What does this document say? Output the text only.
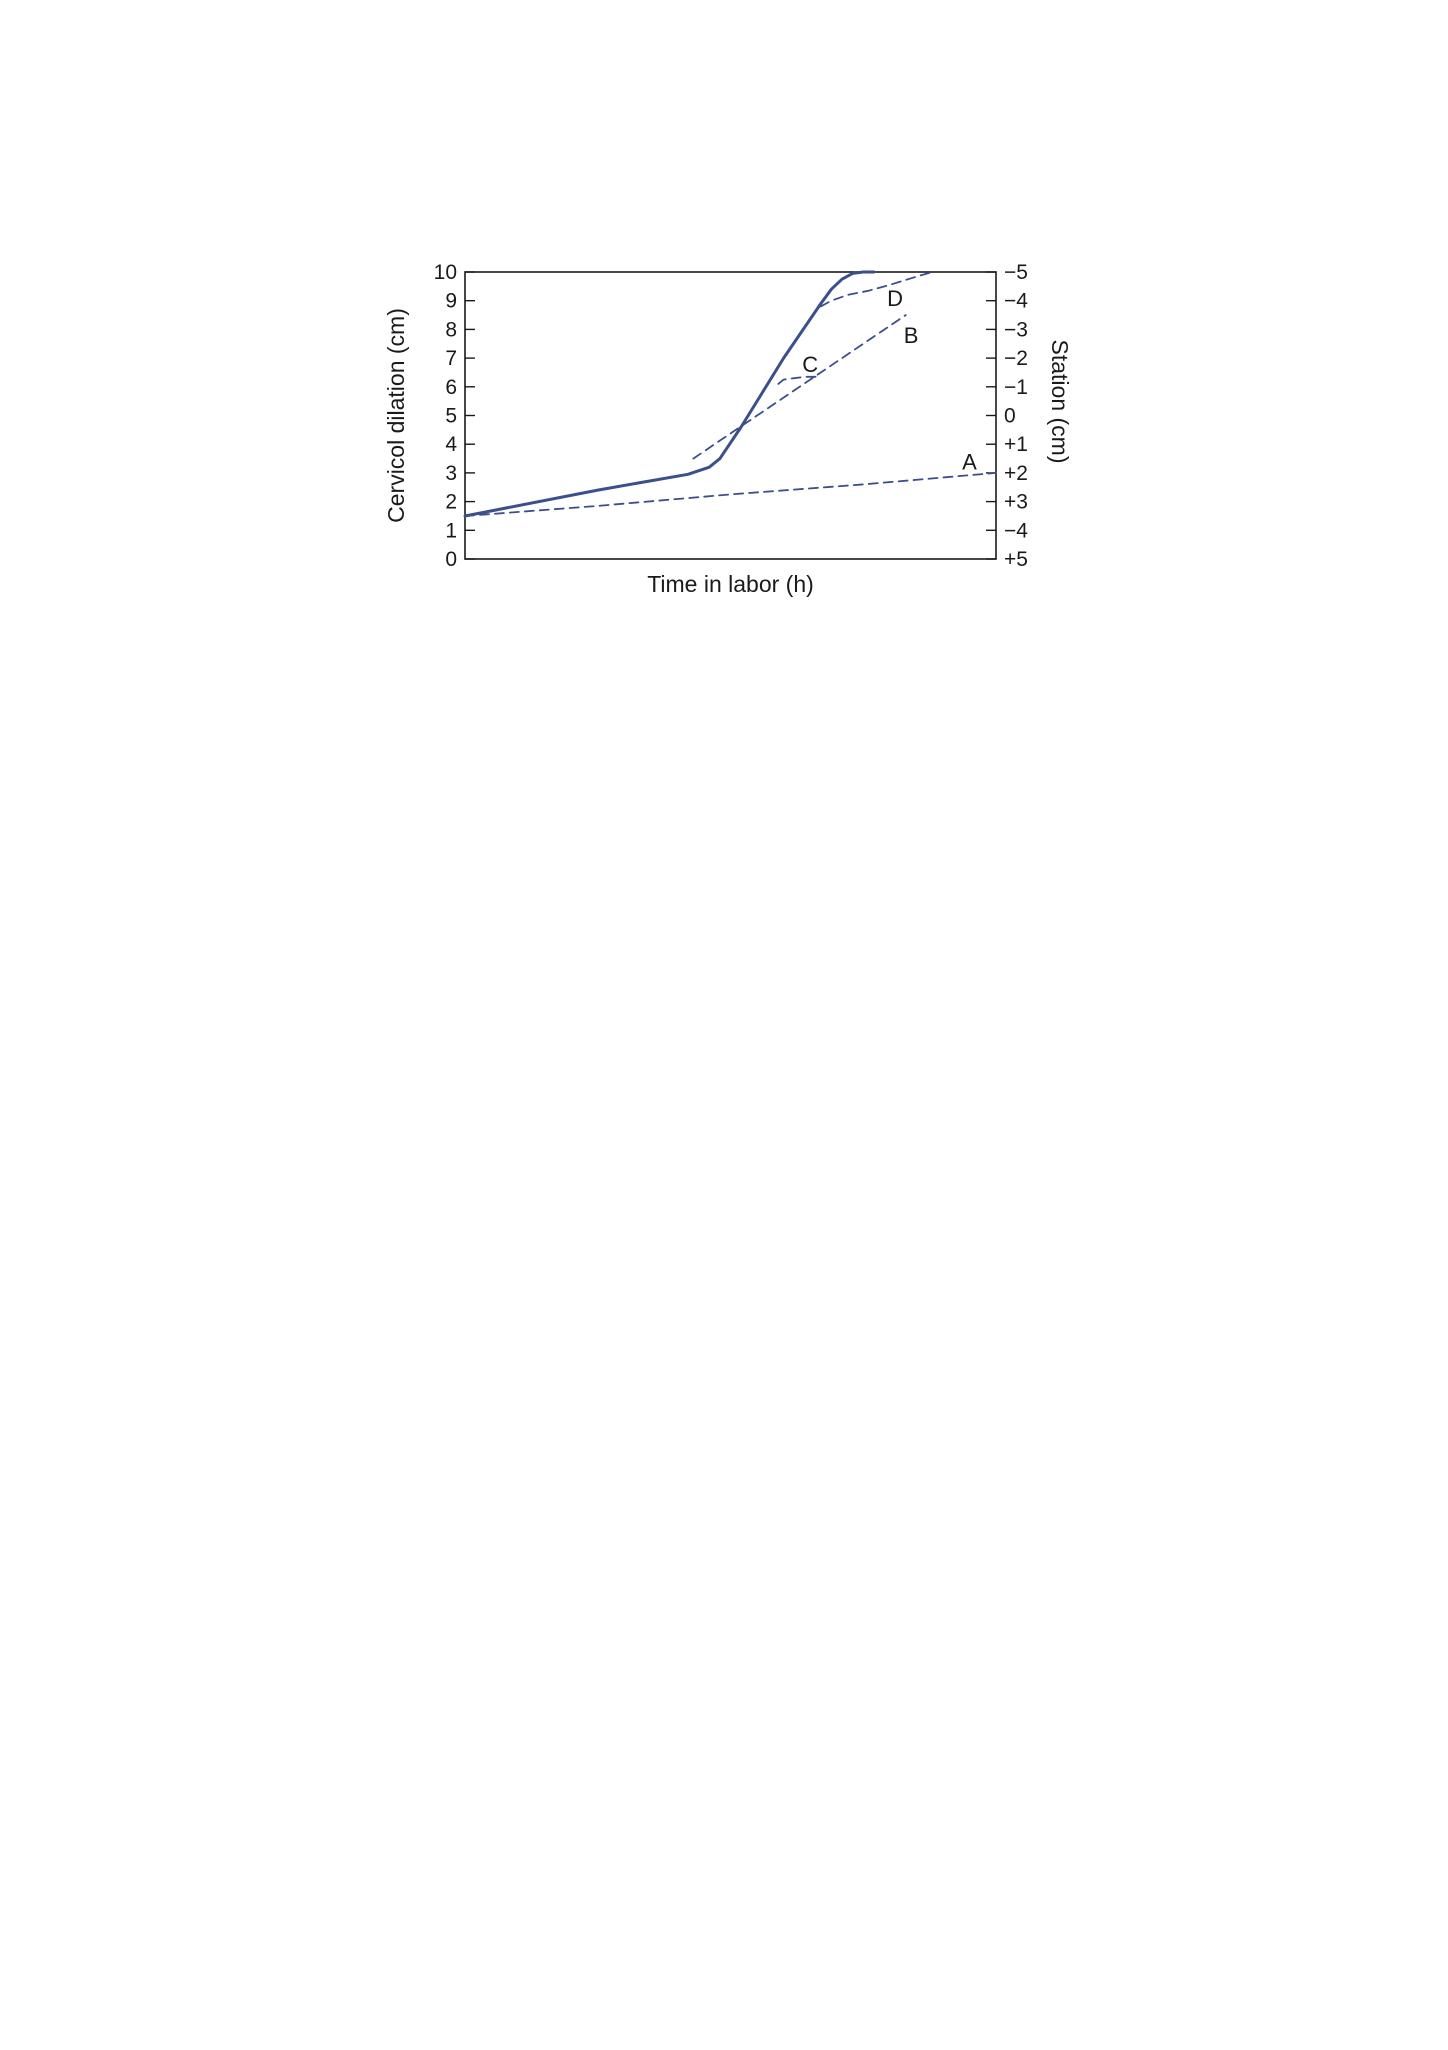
0
1
2
3
4
5
6
7
8
9
10
+5
−4
+3
+2
+1
0
−1
−2
−3
−4
−5
A
B
C
D
Time in labor (h)
Cervicol dilation (cm)	Station (cm)
